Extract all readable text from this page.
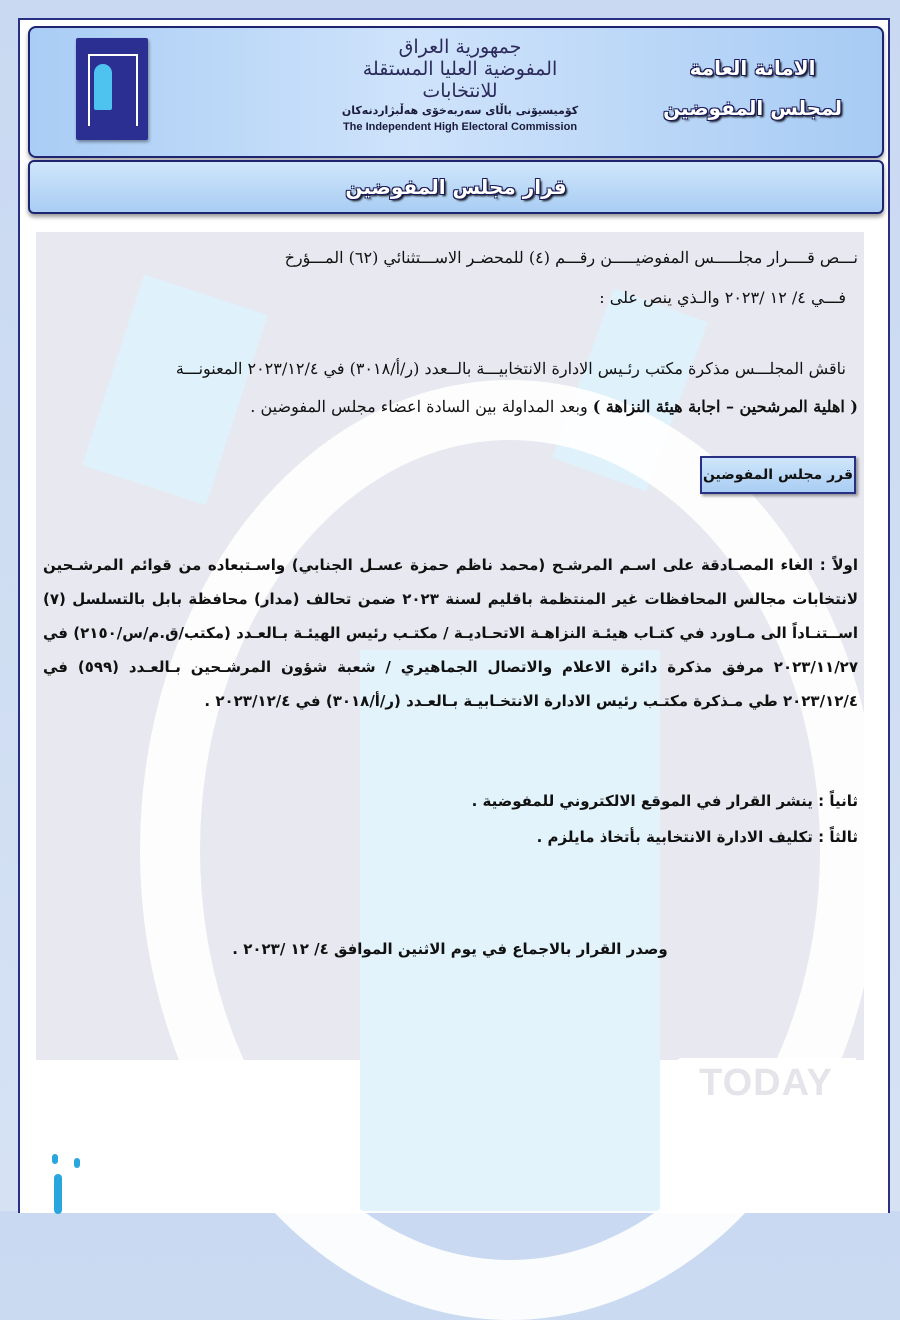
جمهورية العراق
المفوضية العليا المستقلة للانتخابات
كۆمیسیۆنی باڵای سەربەخۆی هەڵبژاردنەکان
The Independent High Electoral Commission
الامانة العامة
لمجلس المفوضين
قرار مجلس المفوضين
نـــص قــــرار مجلـــــس المفوضيـــــن رقـــم (٤) للمحضـر الاســـتثنائي (٦٢) المـــؤرخ
فـــي ٤/ ١٢ /٢٠٢٣ والـذي ينص على :
ناقش المجلـــس مذكرة مكتب رئـيس الادارة الانتخابيـــة بالــعدد (ر/أ/٣٠١٨) في ٢٠٢٣/١٢/٤ المعنونـــة
( اهلية المرشحين – اجابة هيئة النزاهة ) وبعد المداولة بين السادة اعضاء مجلس المفوضين .
قرر مجلس المفوضين
اولاً : الغاء المصـادقة على اسـم المرشـح (محمد ناظم حمزة عسـل الجنابي) واسـتبعاده من قوائم المرشـحين لانتخابات مجالس المحافظات غير المنتظمة باقليم لسنة ٢٠٢٣ ضمن تحالف (مدار) محافظة بابل بالتسلسل (٧) اســتنـاداً الى مـاورد في كتـاب هيئـة النزاهـة الاتحـاديـة / مكتـب رئيس الهيئـة بـالعـدد (مكتب/ق.م/س/٢١٥٠) في ٢٠٢٣/١١/٢٧ مرفق مذكرة دائرة الاعلام والاتصال الجماهيري / شعبة شؤون المرشـحين بـالعـدد (٥٩٩) في ٢٠٢٣/١٢/٤ طي مـذكرة مكتـب رئيس الادارة الانتخـابيـة بـالعـدد (ر/أ/٣٠١٨) في ٢٠٢٣/١٢/٤ .
ثانياً : ينشر القرار في الموقع الالكتروني للمفوضية .
ثالثاً : تكليف الادارة الانتخابية بأتخاذ مايلزم .
وصدر القرار بالاجماع في يوم الاثنين الموافق ٤/ ١٢ /٢٠٢٣ .
TODAY
تـودي نيـوز NEWS
